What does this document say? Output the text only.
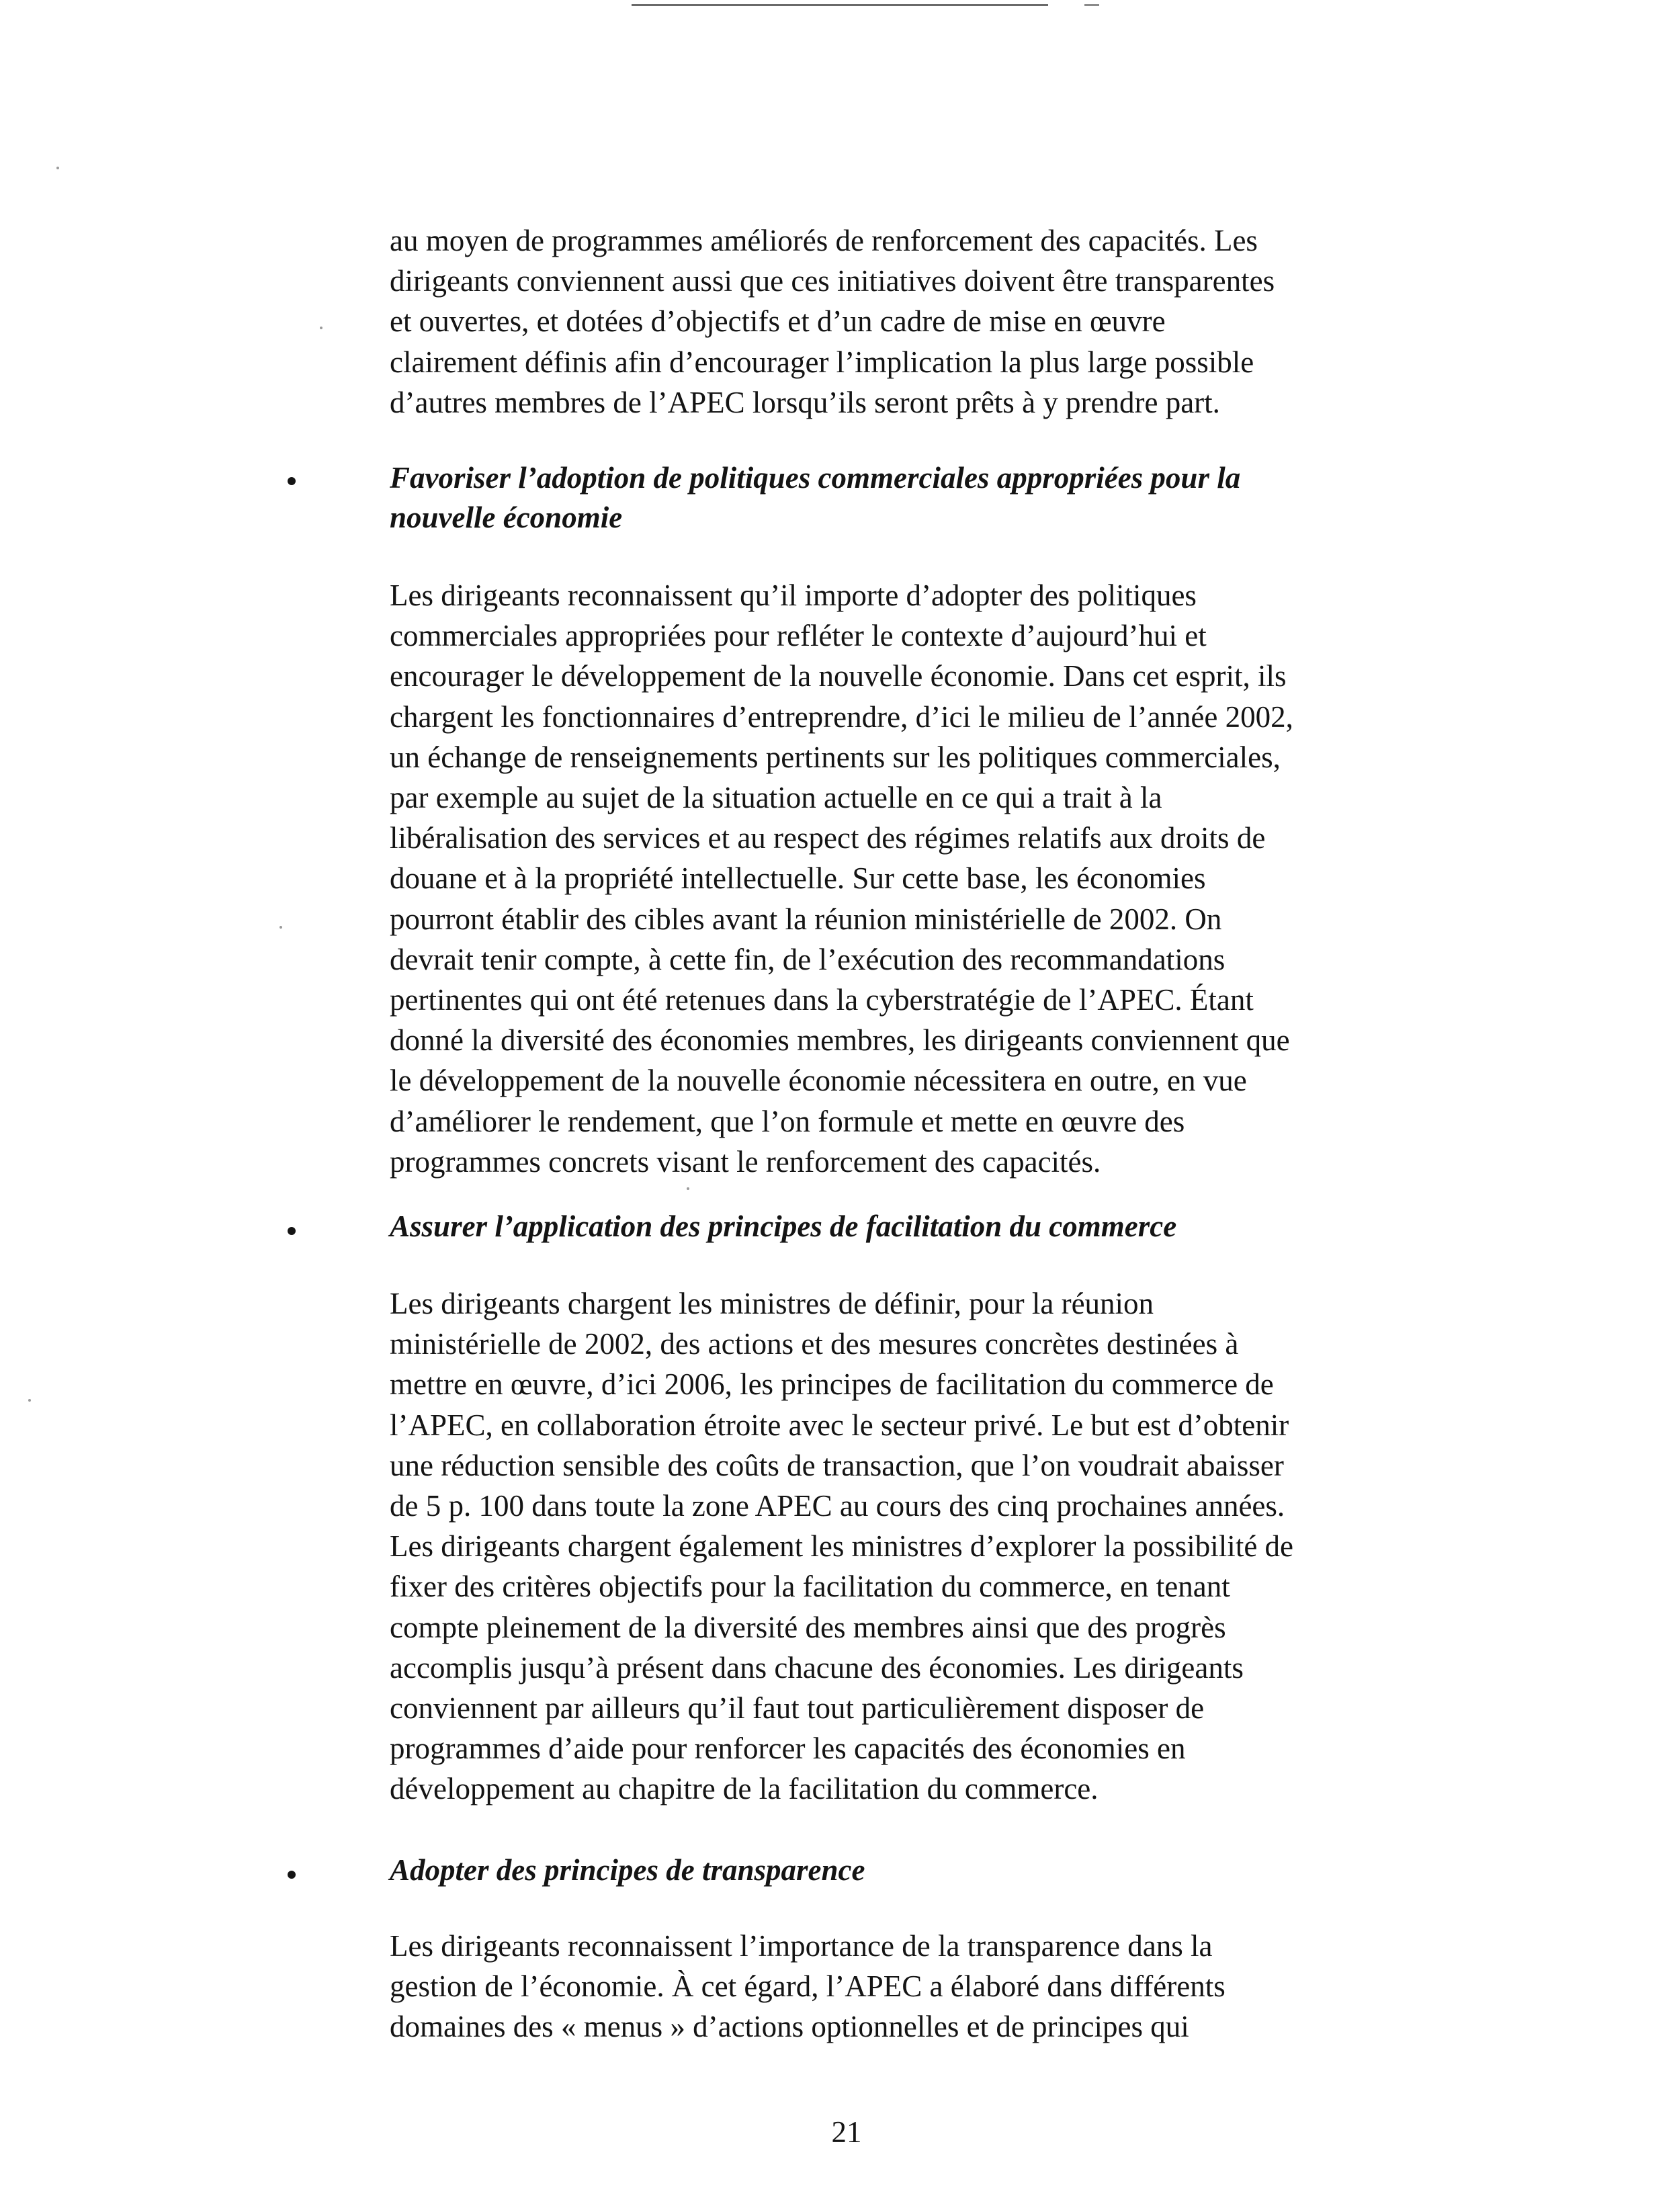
au moyen de programmes améliorés de renforcement des capacités. Les
dirigeants conviennent aussi que ces initiatives doivent être transparentes
et ouvertes, et dotées d’objectifs et d’un cadre de mise en œuvre
clairement définis afin d’encourager l’implication la plus large possible
d’autres membres de l’APEC lorsqu’ils seront prêts à y prendre part.

Favoriser l’adoption de politiques commerciales appropriées pour la
nouvelle économie

Les dirigeants reconnaissent qu’il importe d’adopter des politiques
commerciales appropriées pour refléter le contexte d’aujourd’hui et
encourager le développement de la nouvelle économie. Dans cet esprit, ils
chargent les fonctionnaires d’entreprendre, d’ici le milieu de l’année 2002,
un échange de renseignements pertinents sur les politiques commerciales,
par exemple au sujet de la situation actuelle en ce qui a trait à la
libéralisation des services et au respect des régimes relatifs aux droits de
douane et à la propriété intellectuelle. Sur cette base, les économies
pourront établir des cibles avant la réunion ministérielle de 2002. On
devrait tenir compte, à cette fin, de l’exécution des recommandations
pertinentes qui ont été retenues dans la cyberstratégie de l’APEC. Étant
donné la diversité des économies membres, les dirigeants conviennent que
le développement de la nouvelle économie nécessitera en outre, en vue
d’améliorer le rendement, que l’on formule et mette en œuvre des
programmes concrets visant le renforcement des capacités.

Assurer l’application des principes de facilitation du commerce

Les dirigeants chargent les ministres de définir, pour la réunion
ministérielle de 2002, des actions et des mesures concrètes destinées à
mettre en œuvre, d’ici 2006, les principes de facilitation du commerce de
l’APEC, en collaboration étroite avec le secteur privé. Le but est d’obtenir
une réduction sensible des coûts de transaction, que l’on voudrait abaisser
de 5 p. 100 dans toute la zone APEC au cours des cinq prochaines années.
Les dirigeants chargent également les ministres d’explorer la possibilité de
fixer des critères objectifs pour la facilitation du commerce, en tenant
compte pleinement de la diversité des membres ainsi que des progrès
accomplis jusqu’à présent dans chacune des économies. Les dirigeants
conviennent par ailleurs qu’il faut tout particulièrement disposer de
programmes d’aide pour renforcer les capacités des économies en
développement au chapitre de la facilitation du commerce.

Adopter des principes de transparence

Les dirigeants reconnaissent l’importance de la transparence dans la
gestion de l’économie. À cet égard, l’APEC a élaboré dans différents
domaines des « menus » d’actions optionnelles et de principes qui

21
